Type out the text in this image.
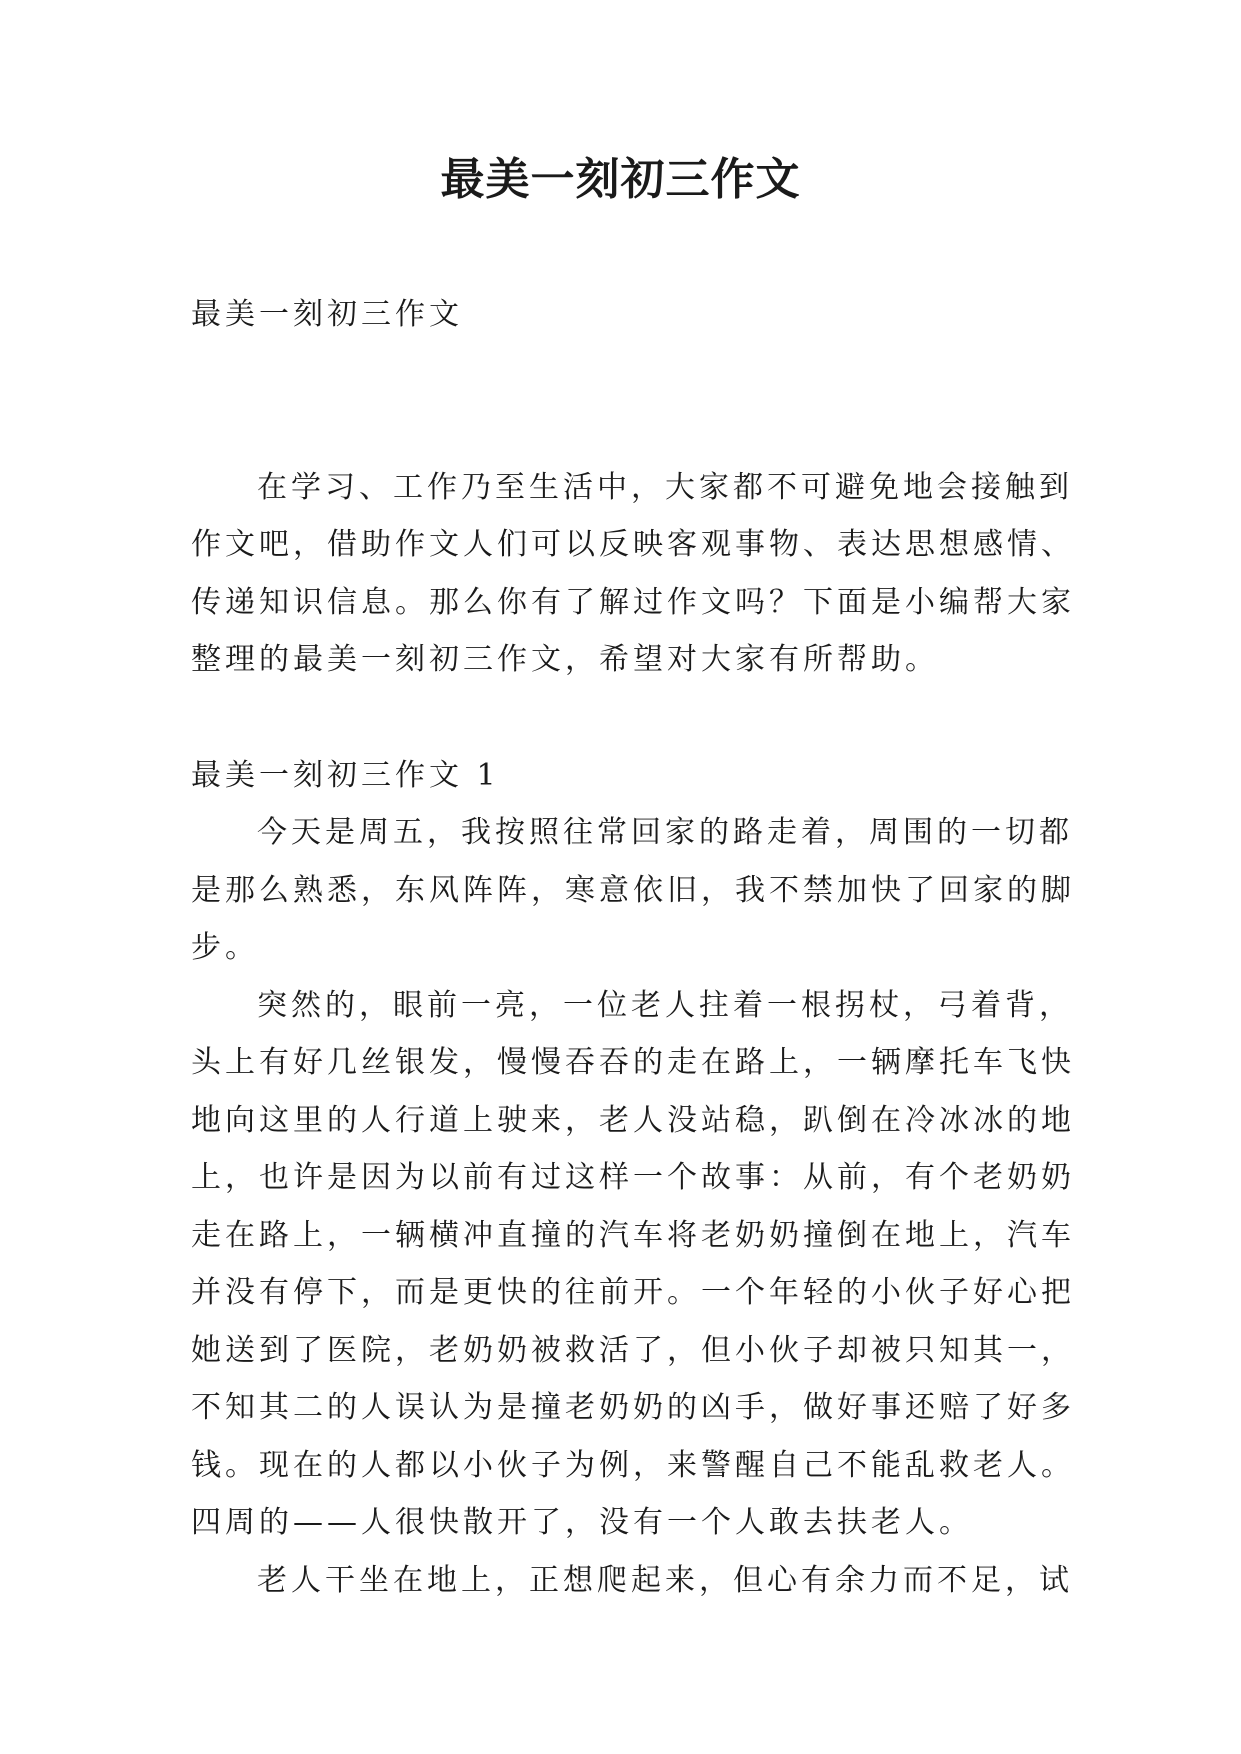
最美一刻初三作文

最美一刻初三作文

在学习、工作乃至生活中，大家都不可避免地会接触到
作文吧，借助作文人们可以反映客观事物、表达思想感情、
传递知识信息。那么你有了解过作文吗？下面是小编帮大家
整理的最美一刻初三作文，希望对大家有所帮助。

最美一刻初三作文 1

今天是周五，我按照往常回家的路走着，周围的一切都
是那么熟悉，东风阵阵，寒意依旧，我不禁加快了回家的脚
步。
突然的，眼前一亮，一位老人拄着一根拐杖，弓着背，
头上有好几丝银发，慢慢吞吞的走在路上，一辆摩托车飞快
地向这里的人行道上驶来，老人没站稳，趴倒在冷冰冰的地
上，也许是因为以前有过这样一个故事：从前，有个老奶奶
走在路上，一辆横冲直撞的汽车将老奶奶撞倒在地上，汽车
并没有停下，而是更快的往前开。一个年轻的小伙子好心把
她送到了医院，老奶奶被救活了，但小伙子却被只知其一，
不知其二的人误认为是撞老奶奶的凶手，做好事还赔了好多
钱。现在的人都以小伙子为例，来警醒自己不能乱救老人。
四周的——人很快散开了，没有一个人敢去扶老人。
老人干坐在地上，正想爬起来，但心有余力而不足，试
